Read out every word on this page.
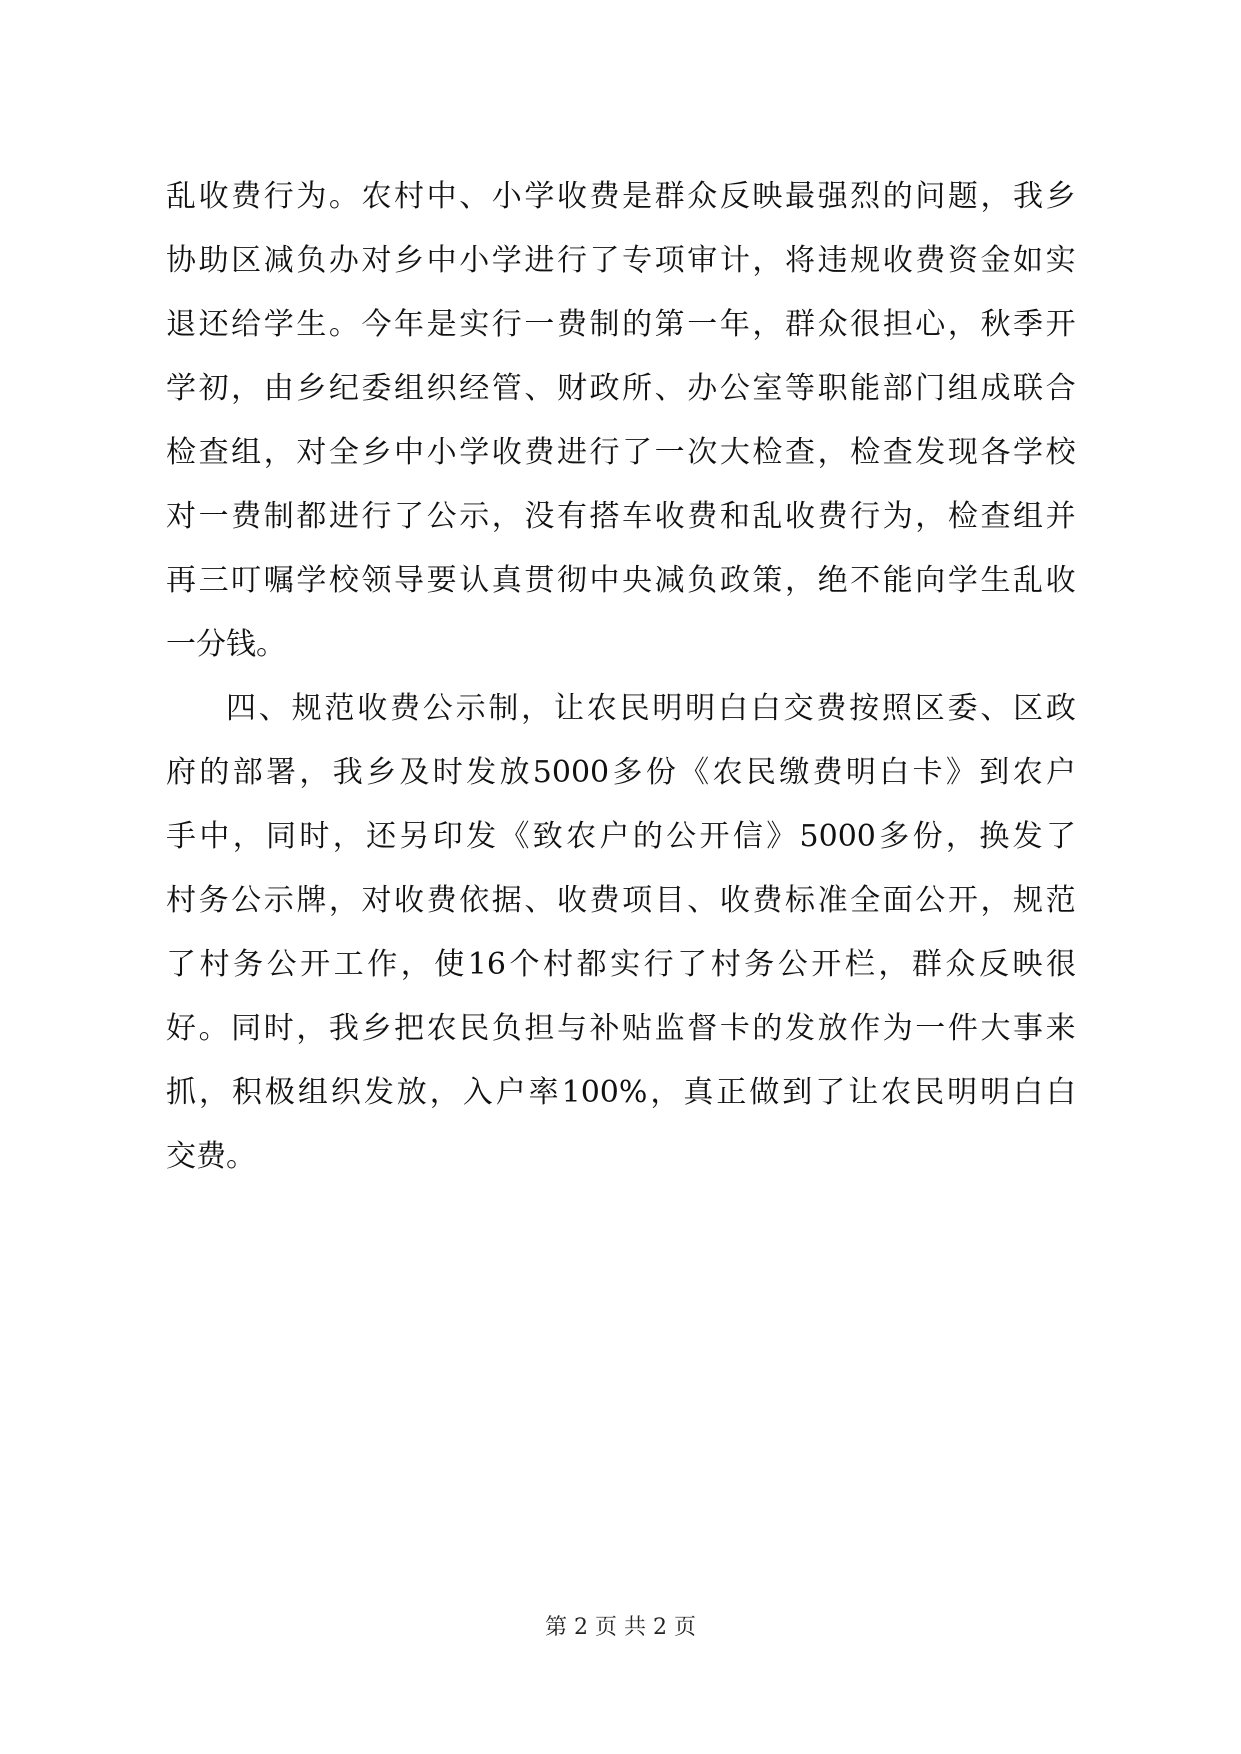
乱 收 费 行 为 。 农 村 中 、 小 学 收 费 是 群 众 反 映 最 强 烈 的 问 题 ， 我 乡
协 助 区 减 负 办 对 乡 中 小 学 进 行 了 专 项 审 计 ， 将 违 规 收 费 资 金 如 实
退 还 给 学 生 。 今 年 是 实 行 一 费 制 的 第 一 年 ， 群 众 很 担 心 ， 秋 季 开
学 初 ， 由 乡 纪 委 组 织 经 管 、 财 政 所 、 办 公 室 等 职 能 部 门 组 成 联 合
检 查 组 ， 对 全 乡 中 小 学 收 费 进 行 了 一 次 大 检 查 ， 检 查 发 现 各 学 校
对 一 费 制 都 进 行 了 公 示 ， 没 有 搭 车 收 费 和 乱 收 费 行 为 ， 检 查 组 并
再 三 叮 嘱 学 校 领 导 要 认 真 贯 彻 中 央 减 负 政 策 ， 绝 不 能 向 学 生 乱 收
一分钱。
四 、 规 范 收 费 公 示 制 ， 让 农 民 明 明 白 白 交 费 按 照 区 委 、 区 政
府 的 部 署 ， 我 乡 及 时 发 放 5000 多 份 《 农 民 缴 费 明 白 卡 》 到 农 户
手 中 ， 同 时 ， 还 另 印 发 《 致 农 户 的 公 开 信 》 5000 多 份 ， 换 发 了
村 务 公 示 牌 ， 对 收 费 依 据 、 收 费 项 目 、 收 费 标 准 全 面 公 开 ， 规 范
了 村 务 公 开 工 作 ， 使 16 个 村 都 实 行 了 村 务 公 开 栏 ， 群 众 反 映 很
好 。 同 时 ， 我 乡 把 农 民 负 担 与 补 贴 监 督 卡 的 发 放 作 为 一 件 大 事 来
抓 ， 积 极 组 织 发 放 ， 入 户 率 100% ， 真 正 做 到 了 让 农 民 明 明 白 白
交费。
第 2 页 共 2 页
